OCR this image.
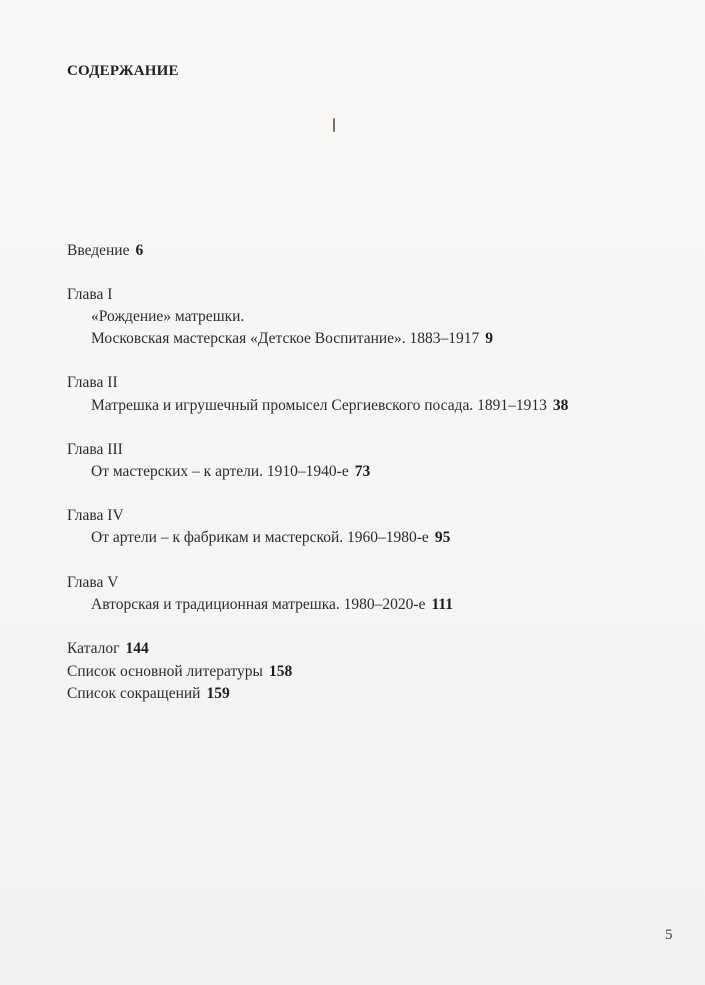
СОДЕРЖАНИЕ
Введение 6
Глава I
«Рождение» матрешки.
Московская мастерская «Детское Воспитание». 1883–1917 9
Глава II
Матрешка и игрушечный промысел Сергиевского посада. 1891–1913 38
Глава III
От мастерских – к артели. 1910–1940-е 73
Глава IV
От артели – к фабрикам и мастерской. 1960–1980-е 95
Глава V
Авторская и традиционная матрешка. 1980–2020-е 111
Каталог 144
Список основной литературы 158
Список сокращений 159
5
